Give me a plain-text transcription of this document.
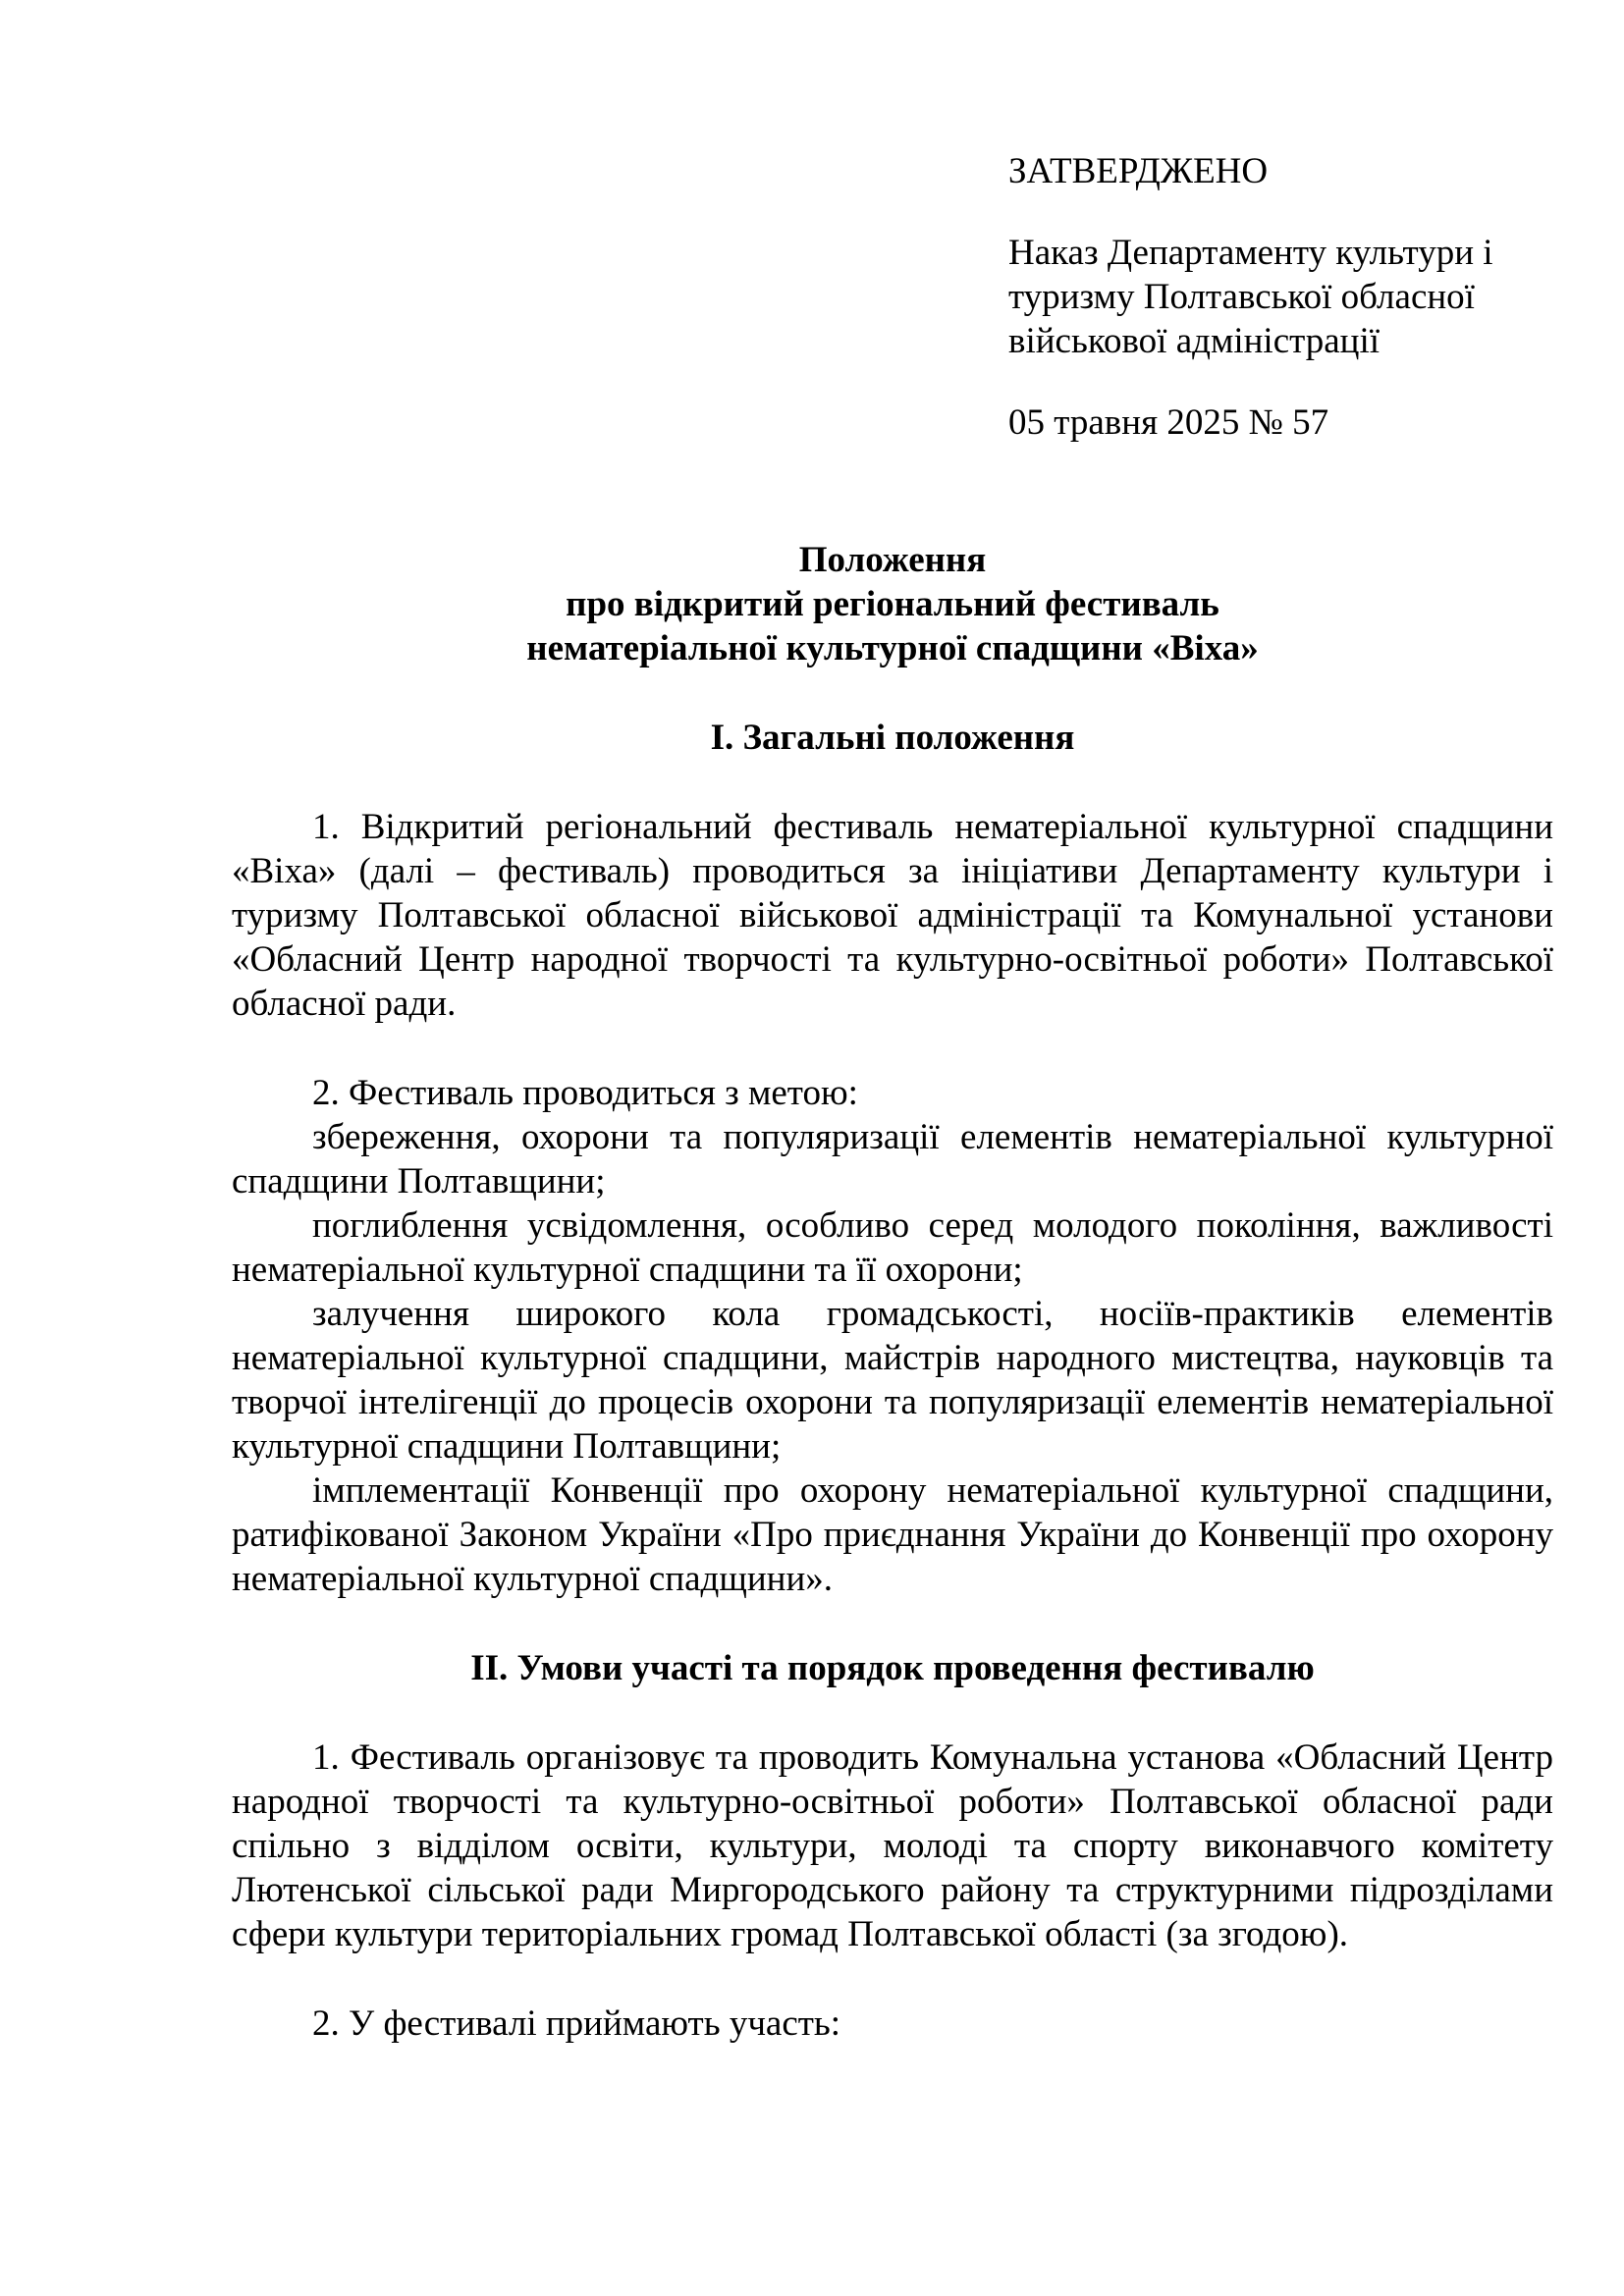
ЗАТВЕРДЖЕНО

Наказ Департаменту культури і
туризму Полтавської обласної
військової адміністрації

05 травня 2025 № 57

Положення
про відкритий регіональний фестиваль
нематеріальної культурної спадщини «Віха»
І. Загальні положення

1. Відкритий регіональний фестиваль нематеріальної культурної спадщини «Віха» (далі – фестиваль) проводиться за ініціативи Департаменту культури і туризму Полтавської обласної військової адміністрації та Комунальної установи «Обласний Центр народної творчості та культурно-освітньої роботи» Полтавської обласної ради.

2. Фестиваль проводиться з метою:

збереження, охорони та популяризації елементів нематеріальної культурної спадщини Полтавщини;

поглиблення усвідомлення, особливо серед молодого покоління, важливості нематеріальної культурної спадщини та її охорони;

залучення широкого кола громадськості, носіїв-практиків елементів нематеріальної культурної спадщини, майстрів народного мистецтва, науковців та творчої інтелігенції до процесів охорони та популяризації елементів нематеріальної культурної спадщини Полтавщини;

імплементації Конвенції про охорону нематеріальної культурної спадщини, ратифікованої Законом України «Про приєднання України до Конвенції про охорону нематеріальної культурної спадщини».

ІІ. Умови участі та порядок проведення фестивалю

1. Фестиваль організовує та проводить Комунальна установа «Обласний Центр народної творчості та культурно-освітньої роботи» Полтавської обласної ради спільно з відділом освіти, культури, молоді та спорту виконавчого комітету Лютенської сільської ради Миргородського району та структурними підрозділами сфери культури територіальних громад Полтавської області (за згодою).

2. У фестивалі приймають участь:
